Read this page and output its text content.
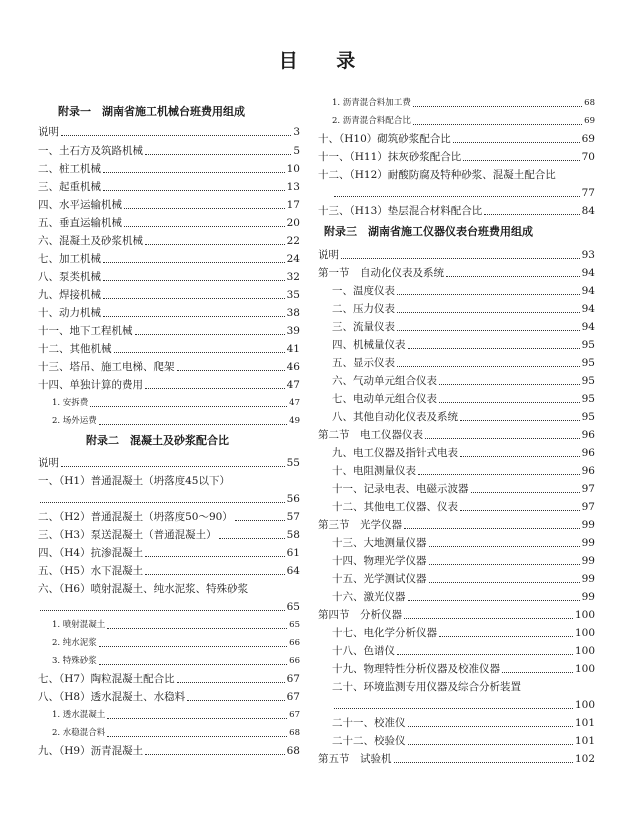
目 录
附录一　湖南省施工机械台班费用组成
说明	3
一、土石方及筑路机械	5
二、桩工机械	10
三、起重机械	13
四、水平运输机械	17
五、垂直运输机械	20
六、混凝土及砂浆机械	22
七、加工机械	24
八、泵类机械	32
九、焊接机械	35
十、动力机械	38
十一、地下工程机械	39
十二、其他机械	41
十三、塔吊、施工电梯、爬架	46
十四、单独计算的费用	47
1. 安拆费	47
2. 场外运费	49
附录二　混凝土及砂浆配合比
说明	55
一、（H1）普通混凝土（坍落度45以下）
56
二、（H2）普通混凝土（坍落度50～90）	57
三、（H3）泵送混凝土（普通混凝土）	58
四、（H4）抗渗混凝土	61
五、（H5）水下混凝土	64
六、（H6）喷射混凝土、纯水泥浆、特殊砂浆
65
1. 喷射混凝土	65
2. 纯水泥浆	66
3. 特殊砂浆	66
七、（H7）陶粒混凝土配合比	67
八、（H8）透水混凝土、水稳料	67
1. 透水混凝土	67
2. 水稳混合料	68
九、（H9）沥青混凝土	68
1. 沥青混合料加工费	68
2. 沥青混合料配合比	69
十、（H10）砌筑砂浆配合比	69
十一、（H11）抹灰砂浆配合比	70
十二、（H12）耐酸防腐及特种砂浆、混凝土配合比
77
十三、（H13）垫层混合材料配合比	84
附录三　湖南省施工仪器仪表台班费用组成
说明	93
第一节　自动化仪表及系统	94
一、温度仪表	94
二、压力仪表	94
三、流量仪表	94
四、机械量仪表	95
五、显示仪表	95
六、气动单元组合仪表	95
七、电动单元组合仪表	95
八、其他自动化仪表及系统	95
第二节　电工仪器仪表	96
九、电工仪器及指针式电表	96
十、电阻测量仪表	96
十一、记录电表、电磁示波器	97
十二、其他电工仪器、仪表	97
第三节　光学仪器	99
十三、大地测量仪器	99
十四、物理光学仪器	99
十五、光学测试仪器	99
十六、激光仪器	99
第四节　分析仪器	100
十七、电化学分析仪器	100
十八、色谱仪	100
十九、物理特性分析仪器及校准仪器	100
二十、环境监测专用仪器及综合分析装置
100
二十一、校准仪	101
二十二、校验仪	101
第五节　试验机	102
